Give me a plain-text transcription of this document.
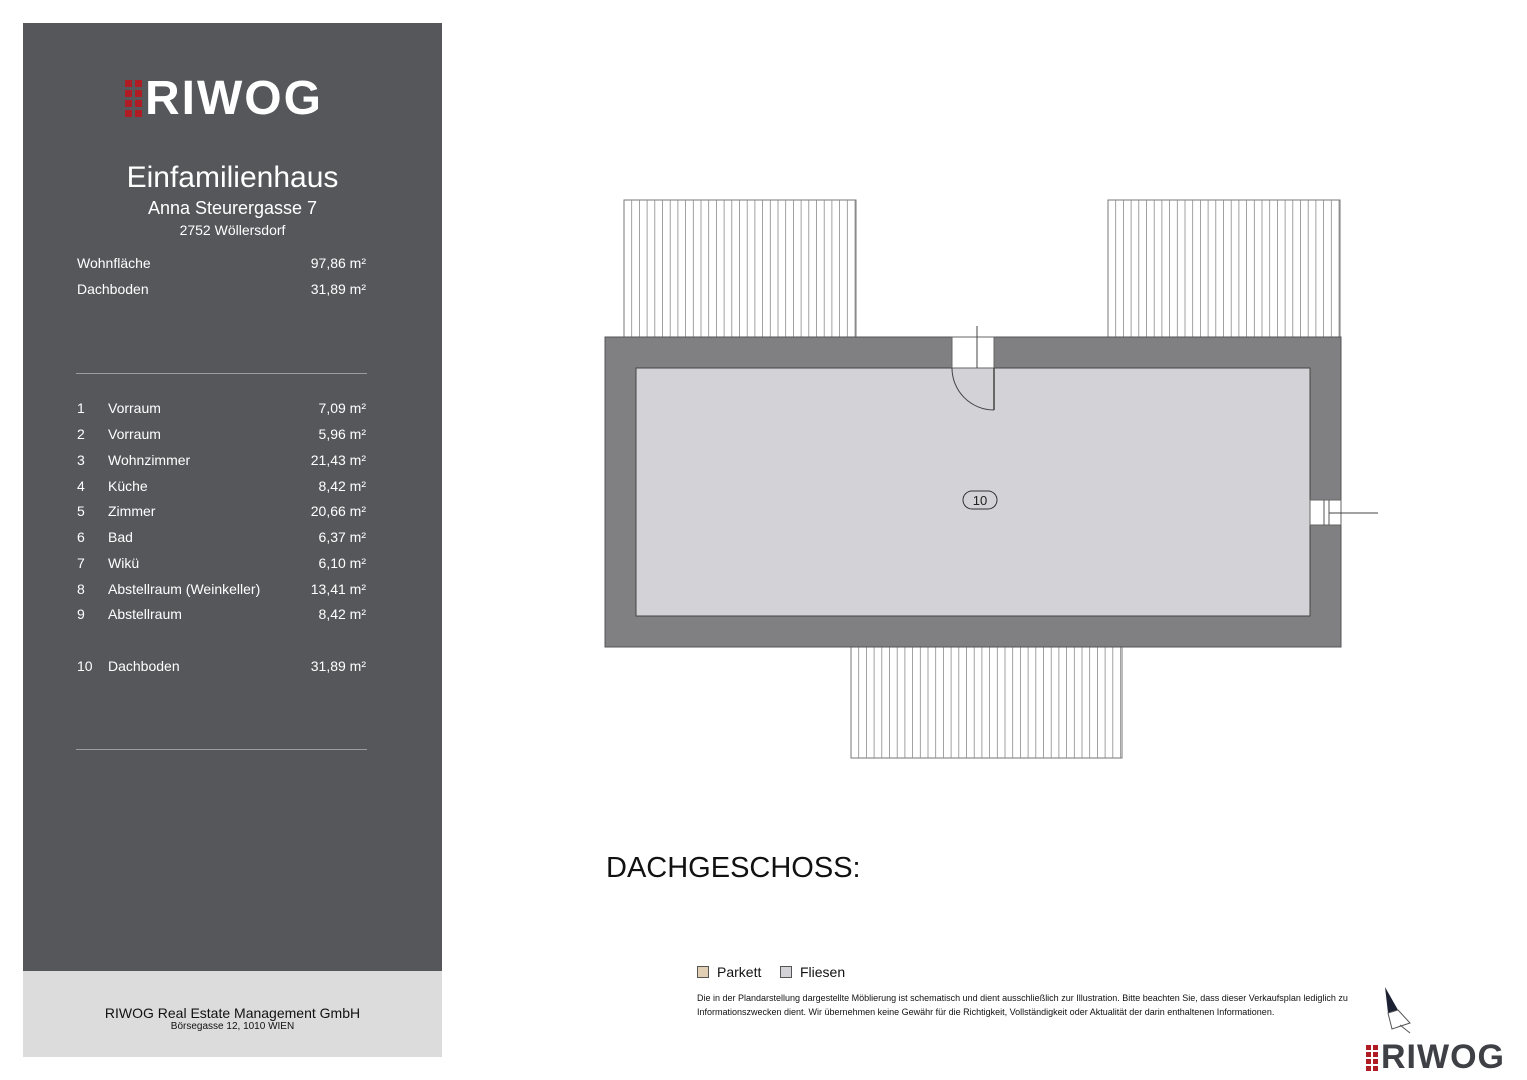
RIWOG
Einfamilienhaus
Anna Steurergasse 7
2752 Wöllersdorf
Wohnfläche	97,86 m²
Dachboden	31,89 m²
1 Vorraum	7,09 m²
2 Vorraum	5,96 m²
3 Wohnzimmer	21,43 m²
4 Küche	8,42 m²
5 Zimmer	20,66 m²
6 Bad	6,37 m²
7 Wikü	6,10 m²
8 Abstellraum (Weinkeller)	13,41 m²
9 Abstellraum	8,42 m²
10 Dachboden	31,89 m²
RIWOG Real Estate Management GmbH
Börsegasse 12, 1010 WIEN
10
DACHGESCHOSS:
Parkett	Fliesen
Die in der Plandarstellung dargestellte Möblierung ist schematisch und dient ausschließlich zur Illustration. Bitte beachten Sie, dass dieser Verkaufsplan lediglich zu Informationszwecken dient. Wir übernehmen keine Gewähr für die Richtigkeit, Vollständigkeit oder Aktualität der darin enthaltenen Informationen.
RIWOG
